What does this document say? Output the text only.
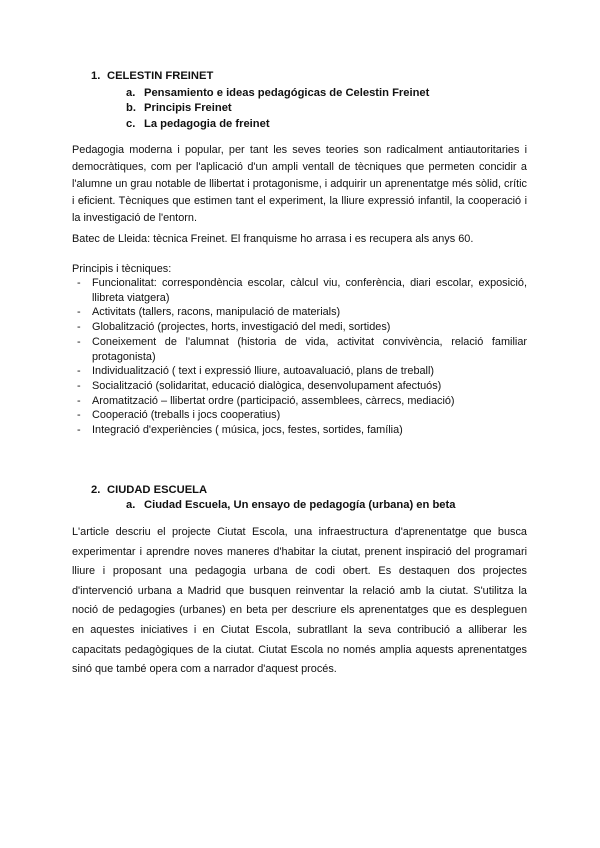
1. CELESTIN FREINET
a. Pensamiento e ideas pedagógicas de Celestin Freinet
b. Principis Freinet
c. La pedagogia de freinet
Pedagogia moderna i popular, per tant les seves teories son radicalment antiautoritaries i democràtiques, com per l'aplicació d'un ampli ventall de tècniques que permeten concidir a l'alumne un grau notable de llibertat i protagonisme, i adquirir un aprenentatge més sòlid, crític i eficient. Tècniques que estimen tant el experiment, la lliure expressió infantil, la cooperació i la investigació de l'entorn.
Batec de Lleida: tècnica Freinet. El franquisme ho arrasa i es recupera als anys 60.
Principis i tècniques:
- Funcionalitat: correspondència escolar, càlcul viu, conferència, diari escolar, exposició, llibreta viatgera)
- Activitats (tallers, racons, manipulació de materials)
- Globalització (projectes, horts, investigació del medi, sortides)
- Coneixement de l'alumnat (historia de vida, activitat convivència, relació familiar protagonista)
- Individualització ( text i expressió lliure, autoavaluació, plans de treball)
- Socialització (solidaritat, educació dialògica, desenvolupament afectuós)
- Aromatització – llibertat ordre (participació, assemblees, càrrecs, mediació)
- Cooperació (treballs i jocs cooperatius)
- Integració d'experiències ( música, jocs, festes, sortides, família)
2. CIUDAD ESCUELA
a. Ciudad Escuela, Un ensayo de pedagogía (urbana) en beta
L'article descriu el projecte Ciutat Escola, una infraestructura d'aprenentatge que busca experimentar i aprendre noves maneres d'habitar la ciutat, prenent inspiració del programari lliure i proposant una pedagogia urbana de codi obert. Es destaquen dos projectes d'intervenció urbana a Madrid que busquen reinventar la relació amb la ciutat. S'utilitza la noció de pedagogies (urbanes) en beta per descriure els aprenentatges que es despleguen en aquestes iniciatives i en Ciutat Escola, subratllant la seva contribució a alliberar les capacitats pedagògiques de la ciutat. Ciutat Escola no només amplia aquests aprenentatges sinó que també opera com a narrador d'aquest procés.
